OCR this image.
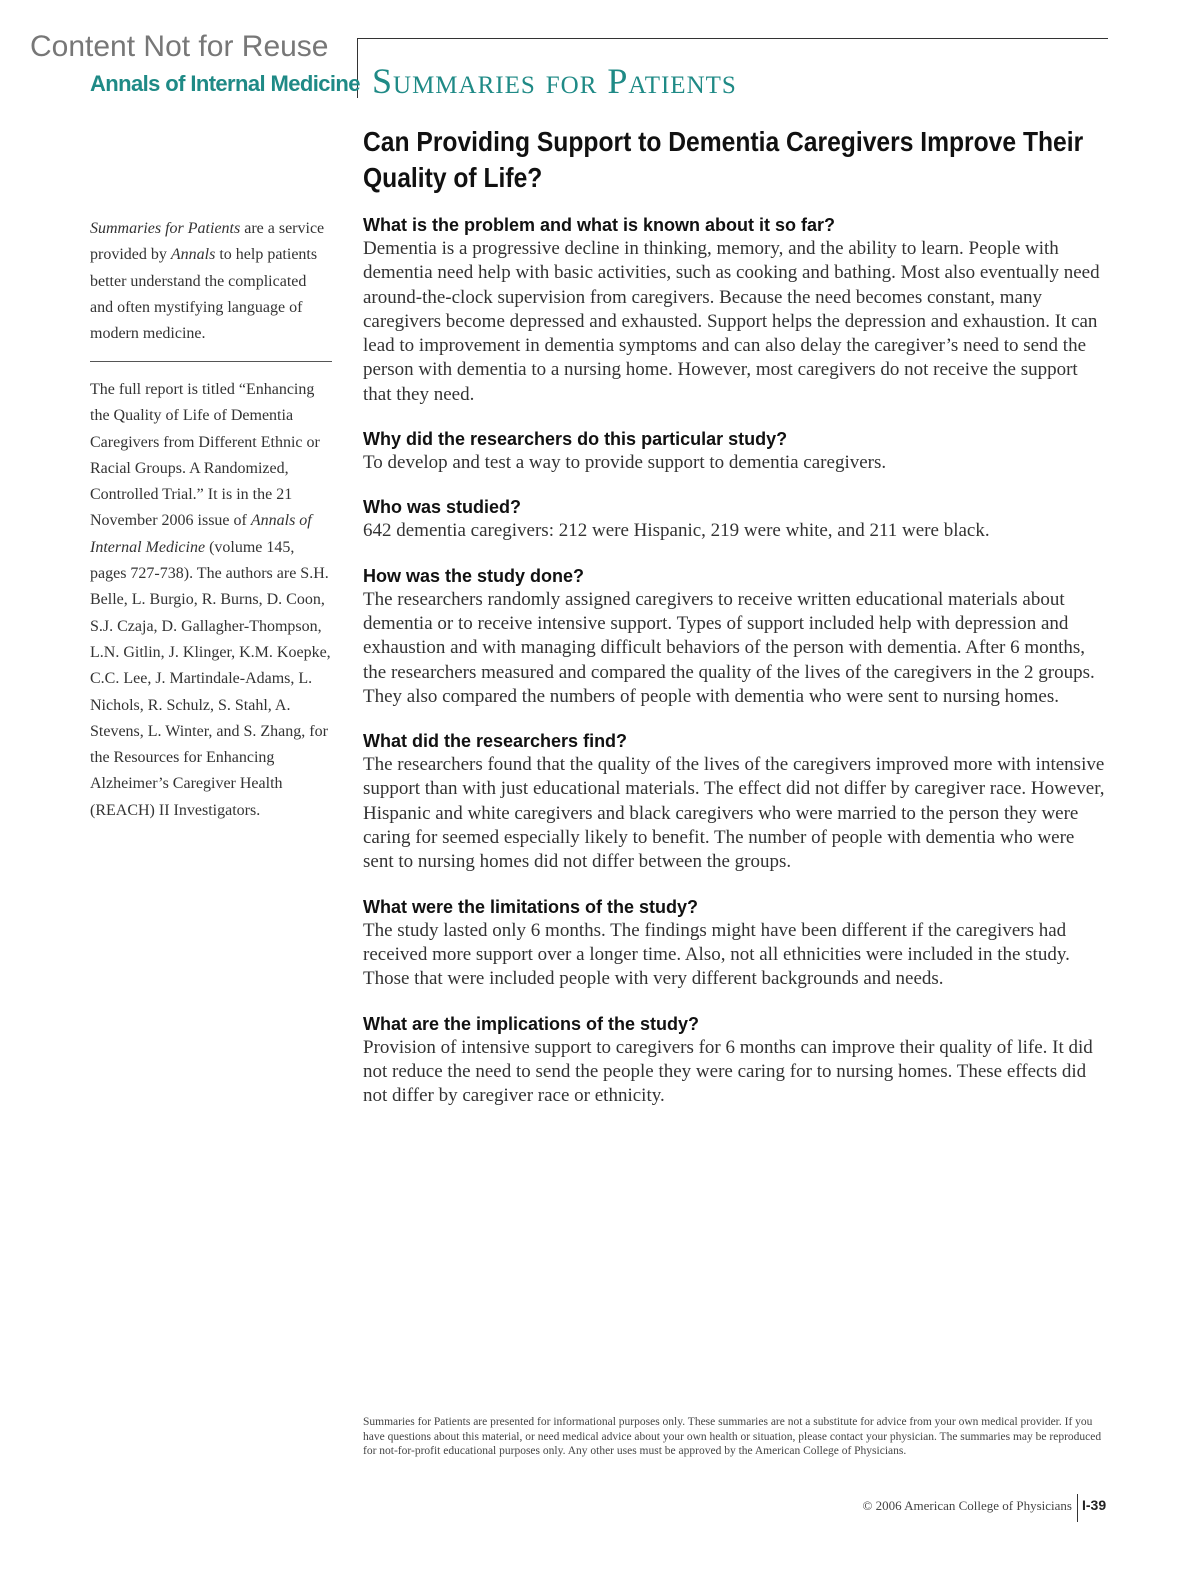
Content Not for Reuse
Annals of Internal Medicine Summaries for Patients
Can Providing Support to Dementia Caregivers Improve Their Quality of Life?
Summaries for Patients are a service provided by Annals to help patients better understand the complicated and often mystifying language of modern medicine.
The full report is titled “Enhancing the Quality of Life of Dementia Caregivers from Different Ethnic or Racial Groups. A Randomized, Controlled Trial.” It is in the 21 November 2006 issue of Annals of Internal Medicine (volume 145, pages 727-738). The authors are S.H. Belle, L. Burgio, R. Burns, D. Coon, S.J. Czaja, D. Gallagher-Thompson, L.N. Gitlin, J. Klinger, K.M. Koepke, C.C. Lee, J. Martindale-Adams, L. Nichols, R. Schulz, S. Stahl, A. Stevens, L. Winter, and S. Zhang, for the Resources for Enhancing Alzheimer’s Caregiver Health (REACH) II Investigators.
What is the problem and what is known about it so far?

Dementia is a progressive decline in thinking, memory, and the ability to learn. People with dementia need help with basic activities, such as cooking and bathing. Most also eventually need around-the-clock supervision from caregivers. Because the need becomes constant, many caregivers become depressed and exhausted. Support helps the depression and exhaustion. It can lead to improvement in dementia symptoms and can also delay the caregiver’s need to send the person with dementia to a nursing home. However, most caregivers do not receive the support that they need.

Why did the researchers do this particular study?

To develop and test a way to provide support to dementia caregivers.

Who was studied?

642 dementia caregivers: 212 were Hispanic, 219 were white, and 211 were black.

How was the study done?

The researchers randomly assigned caregivers to receive written educational materials about dementia or to receive intensive support. Types of support included help with depression and exhaustion and with managing difficult behaviors of the person with dementia. After 6 months, the researchers measured and compared the quality of the lives of the caregivers in the 2 groups. They also compared the numbers of people with dementia who were sent to nursing homes.

What did the researchers find?

The researchers found that the quality of the lives of the caregivers improved more with intensive support than with just educational materials. The effect did not differ by caregiver race. However, Hispanic and white caregivers and black caregivers who were married to the person they were caring for seemed especially likely to benefit. The number of people with dementia who were sent to nursing homes did not differ between the groups.

What were the limitations of the study?

The study lasted only 6 months. The findings might have been different if the caregivers had received more support over a longer time. Also, not all ethnicities were included in the study. Those that were included people with very different backgrounds and needs.

What are the implications of the study?

Provision of intensive support to caregivers for 6 months can improve their quality of life. It did not reduce the need to send the people they were caring for to nursing homes. These effects did not differ by caregiver race or ethnicity.

Summaries for Patients are presented for informational purposes only. These summaries are not a substitute for advice from your own medical provider. If you have questions about this material, or need medical advice about your own health or situation, please contact your physician. The summaries may be reproduced for not-for-profit educational purposes only. Any other uses must be approved by the American College of Physicians.
© 2006 American College of Physicians I-39
